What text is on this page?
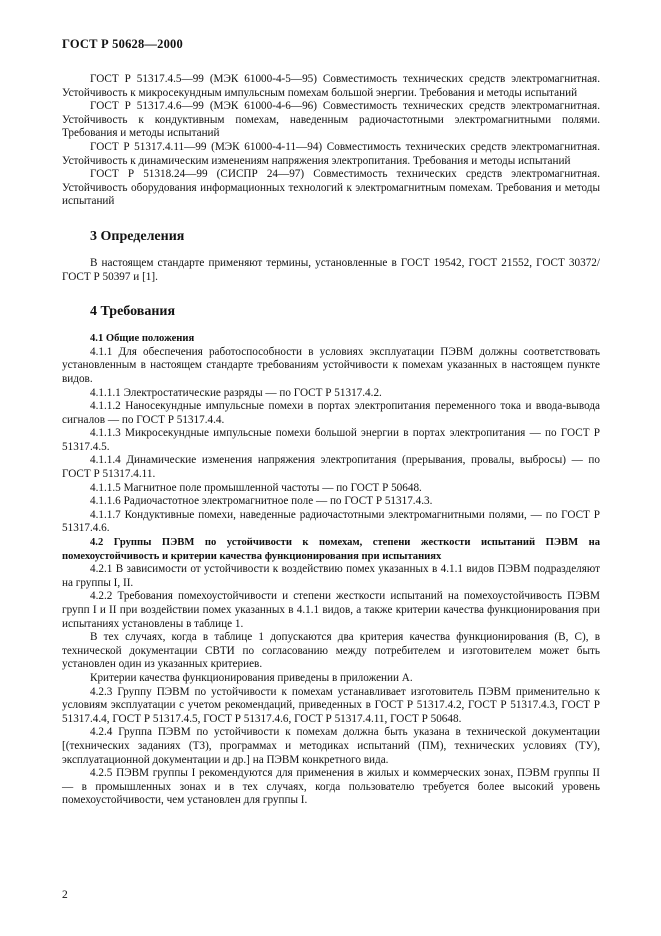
ГОСТ Р 50628—2000

ГОСТ Р 51317.4.5—99 (МЭК 61000-4-5—95) Совместимость технических средств электромагнитная. Устойчивость к микросекундным импульсным помехам большой энергии. Требования и методы испытаний

ГОСТ Р 51317.4.6—99 (МЭК 61000-4-6—96) Совместимость технических средств электромагнитная. Устойчивость к кондуктивным помехам, наведенным радиочастотными электромагнитными полями. Требования и методы испытаний

ГОСТ Р 51317.4.11—99 (МЭК 61000-4-11—94) Совместимость технических средств электромагнитная. Устойчивость к динамическим изменениям напряжения электропитания. Требования и методы испытаний

ГОСТ Р 51318.24—99 (СИСПР 24—97) Совместимость технических средств электромагнитная. Устойчивость оборудования информационных технологий к электромагнитным помехам. Требования и методы испытаний

3 Определения

В настоящем стандарте применяют термины, установленные в ГОСТ 19542, ГОСТ 21552, ГОСТ 30372/ГОСТ Р 50397 и [1].

4 Требования

4.1 Общие положения

4.1.1 Для обеспечения работоспособности в условиях эксплуатации ПЭВМ должны соответствовать установленным в настоящем стандарте требованиям устойчивости к помехам указанных в настоящем пункте видов.

4.1.1.1 Электростатические разряды — по ГОСТ Р 51317.4.2.

4.1.1.2 Наносекундные импульсные помехи в портах электропитания переменного тока и ввода-вывода сигналов — по ГОСТ Р 51317.4.4.

4.1.1.3 Микросекундные импульсные помехи большой энергии в портах электропитания — по ГОСТ Р 51317.4.5.

4.1.1.4 Динамические изменения напряжения электропитания (прерывания, провалы, выбросы) — по ГОСТ Р 51317.4.11.

4.1.1.5 Магнитное поле промышленной частоты — по ГОСТ Р 50648.

4.1.1.6 Радиочастотное электромагнитное поле — по ГОСТ Р 51317.4.3.

4.1.1.7 Кондуктивные помехи, наведенные радиочастотными электромагнитными полями, — по ГОСТ Р 51317.4.6.

4.2 Группы ПЭВМ по устойчивости к помехам, степени жесткости испытаний ПЭВМ на помехоустойчивость и критерии качества функционирования при испытаниях

4.2.1 В зависимости от устойчивости к воздействию помех указанных в 4.1.1 видов ПЭВМ подразделяют на группы I, II.

4.2.2 Требования помехоустойчивости и степени жесткости испытаний на помехоустойчивость ПЭВМ групп I и II при воздействии помех указанных в 4.1.1 видов, а также критерии качества функционирования при испытаниях установлены в таблице 1.

В тех случаях, когда в таблице 1 допускаются два критерия качества функционирования (В, С), в технической документации СВТИ по согласованию между потребителем и изготовителем может быть установлен один из указанных критериев.

Критерии качества функционирования приведены в приложении А.

4.2.3 Группу ПЭВМ по устойчивости к помехам устанавливает изготовитель ПЭВМ применительно к условиям эксплуатации с учетом рекомендаций, приведенных в ГОСТ Р 51317.4.2, ГОСТ Р 51317.4.3, ГОСТ Р 51317.4.4, ГОСТ Р 51317.4.5, ГОСТ Р 51317.4.6, ГОСТ Р 51317.4.11, ГОСТ Р 50648.

4.2.4 Группа ПЭВМ по устойчивости к помехам должна быть указана в технической документации [(технических заданиях (ТЗ), программах и методиках испытаний (ПМ), технических условиях (ТУ), эксплуатационной документации и др.] на ПЭВМ конкретного вида.

4.2.5 ПЭВМ группы I рекомендуются для применения в жилых и коммерческих зонах, ПЭВМ группы II — в промышленных зонах и в тех случаях, когда пользователю требуется более высокий уровень помехоустойчивости, чем установлен для группы I.

2
